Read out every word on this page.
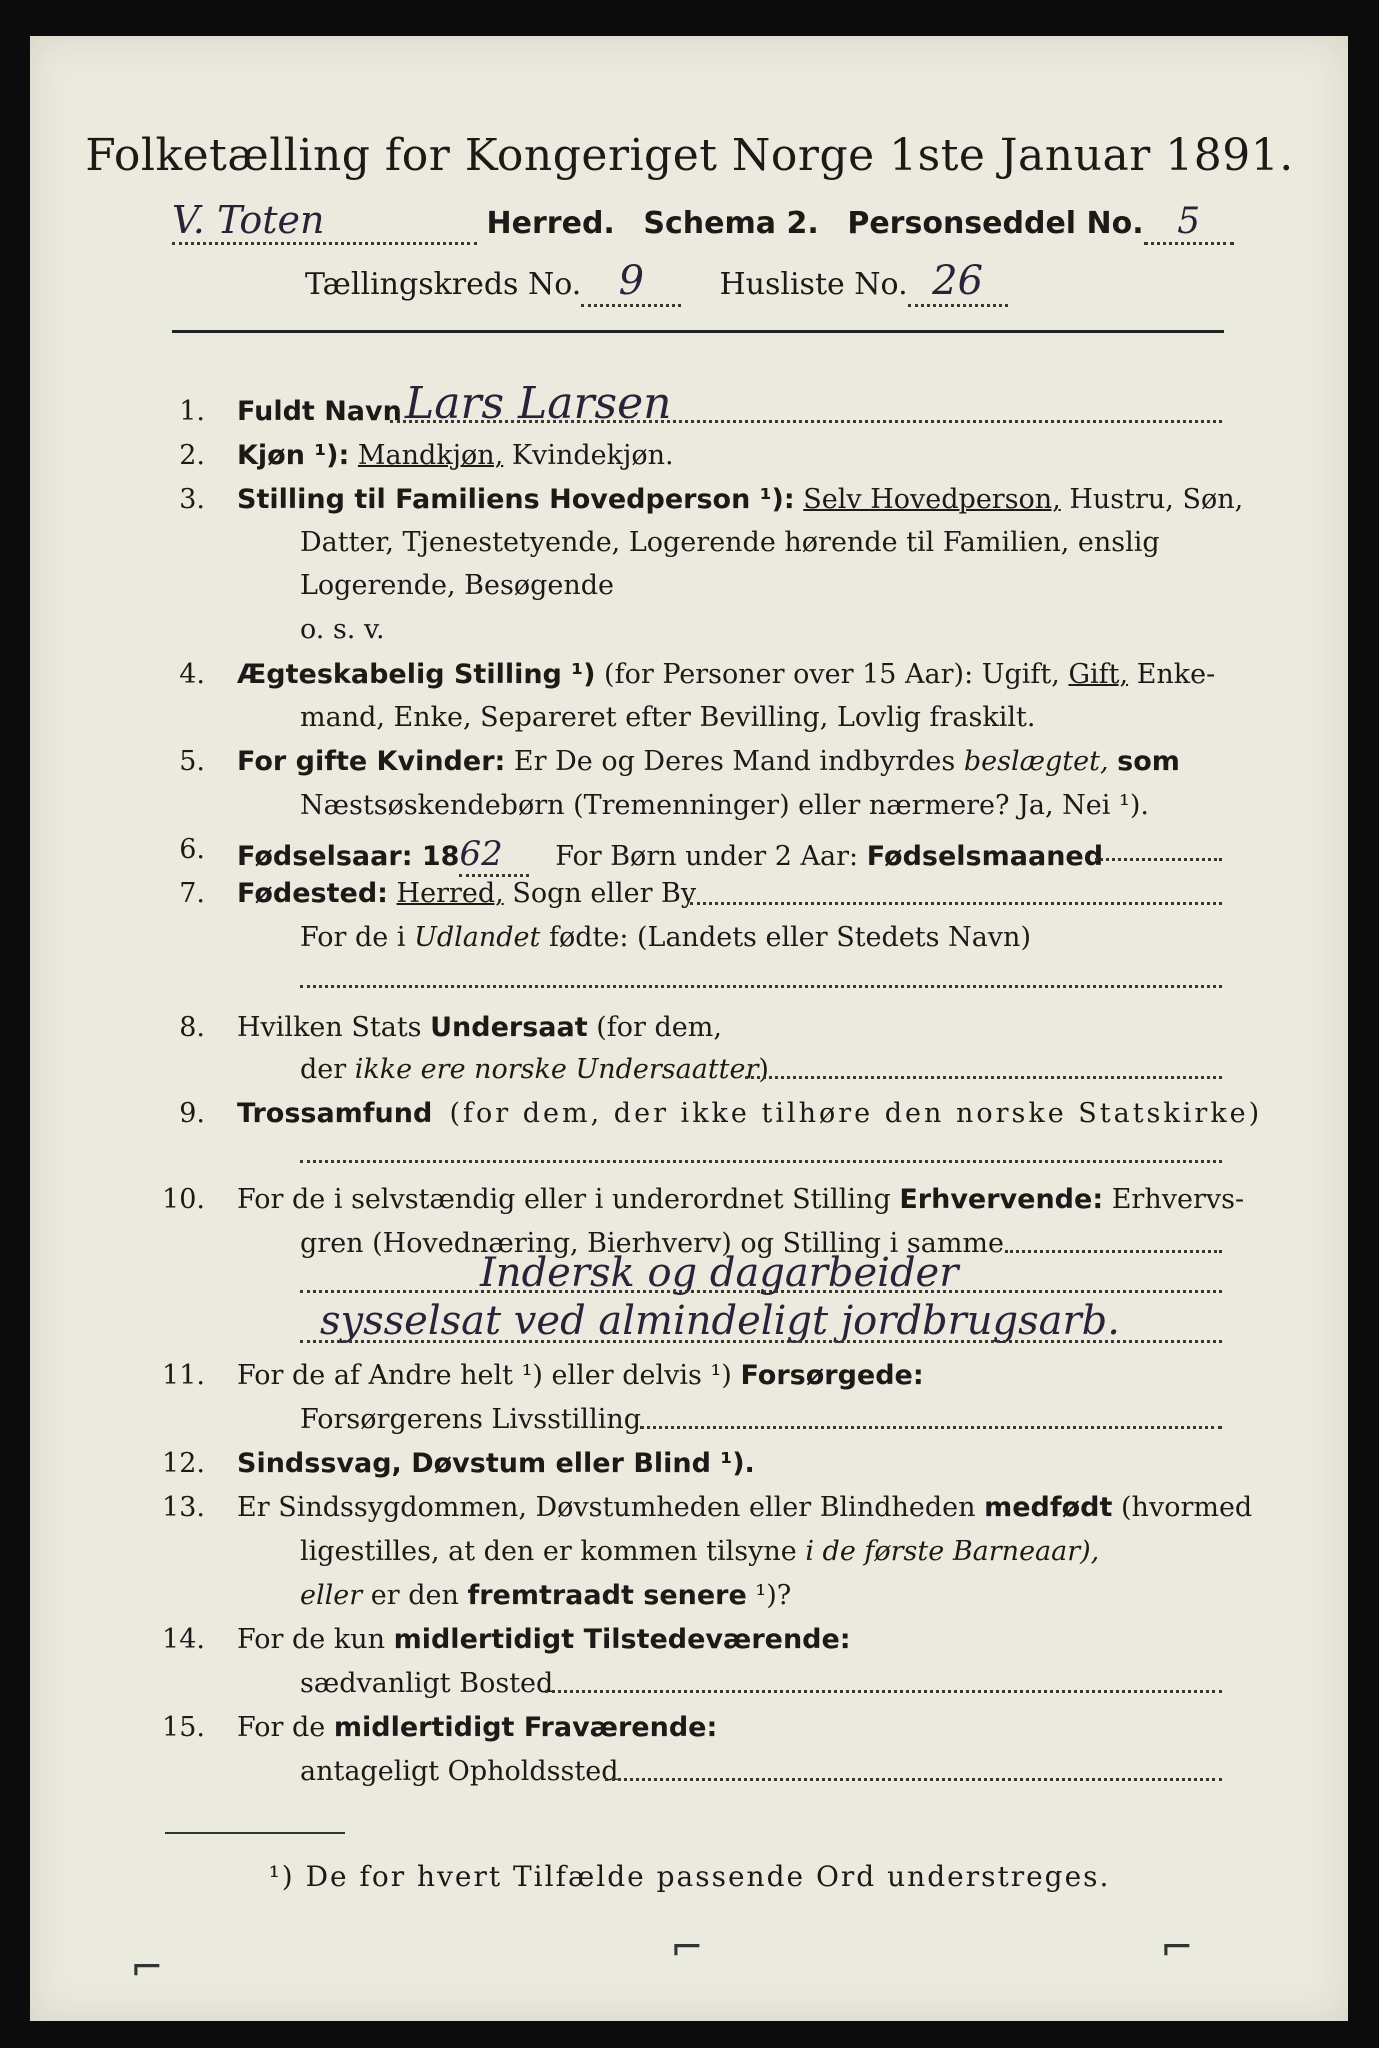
Folketælling for Kongeriget Norge 1ste Januar 1891.
V. Toten	Herred. Schema 2. Personseddel No. 5
Tællingskreds No. 9	Husliste No. 26
1. Fuldt Navn Lars Larsen
2. Kjøn ¹): Mandkjøn, Kvindekjøn.
3. Stilling til Familiens Hovedperson ¹): Selv Hovedperson, Hustru, Søn,
Datter, Tjenestetyende, Logerende hørende til Familien, enslig
Logerende, Besøgende
o. s. v.
4. Ægteskabelig Stilling ¹) (for Personer over 15 Aar): Ugift, Gift, Enke-
mand, Enke, Separeret efter Bevilling, Lovlig fraskilt.
5. For gifte Kvinder: Er De og Deres Mand indbyrdes beslægtet, som
Næstsøskendebørn (Tremenninger) eller nærmere? Ja, Nei ¹).
6. Fødselsaar: 1862 For Børn under 2 Aar: Fødselsmaaned
7. Fødested: Herred, Sogn eller By
For de i Udlandet fødte: (Landets eller Stedets Navn)
8. Hvilken Stats Undersaat (for dem,
der ikke ere norske Undersaatter)
9. Trossamfund (for dem, der ikke tilhøre den norske Statskirke)
10. For de i selvstændig eller i underordnet Stilling Erhvervende: Erhvervs-
gren (Hovednæring, Bierhverv) og Stilling i samme
Indersk og dagarbeider
sysselsat ved almindeligt jordbrugsarb.
11. For de af Andre helt ¹) eller delvis ¹) Forsørgede:
Forsørgerens Livsstilling
12. Sindssvag, Døvstum eller Blind ¹).
13. Er Sindssygdommen, Døvstumheden eller Blindheden medfødt (hvormed
ligestilles, at den er kommen tilsyne i de første Barneaar),
eller er den fremtraadt senere ¹)?
14. For de kun midlertidigt Tilstedeværende:
sædvanligt Bosted
15. For de midlertidigt Fraværende:
antageligt Opholdssted
¹) De for hvert Tilfælde passende Ord understreges.
⌐	⌐	⌐
